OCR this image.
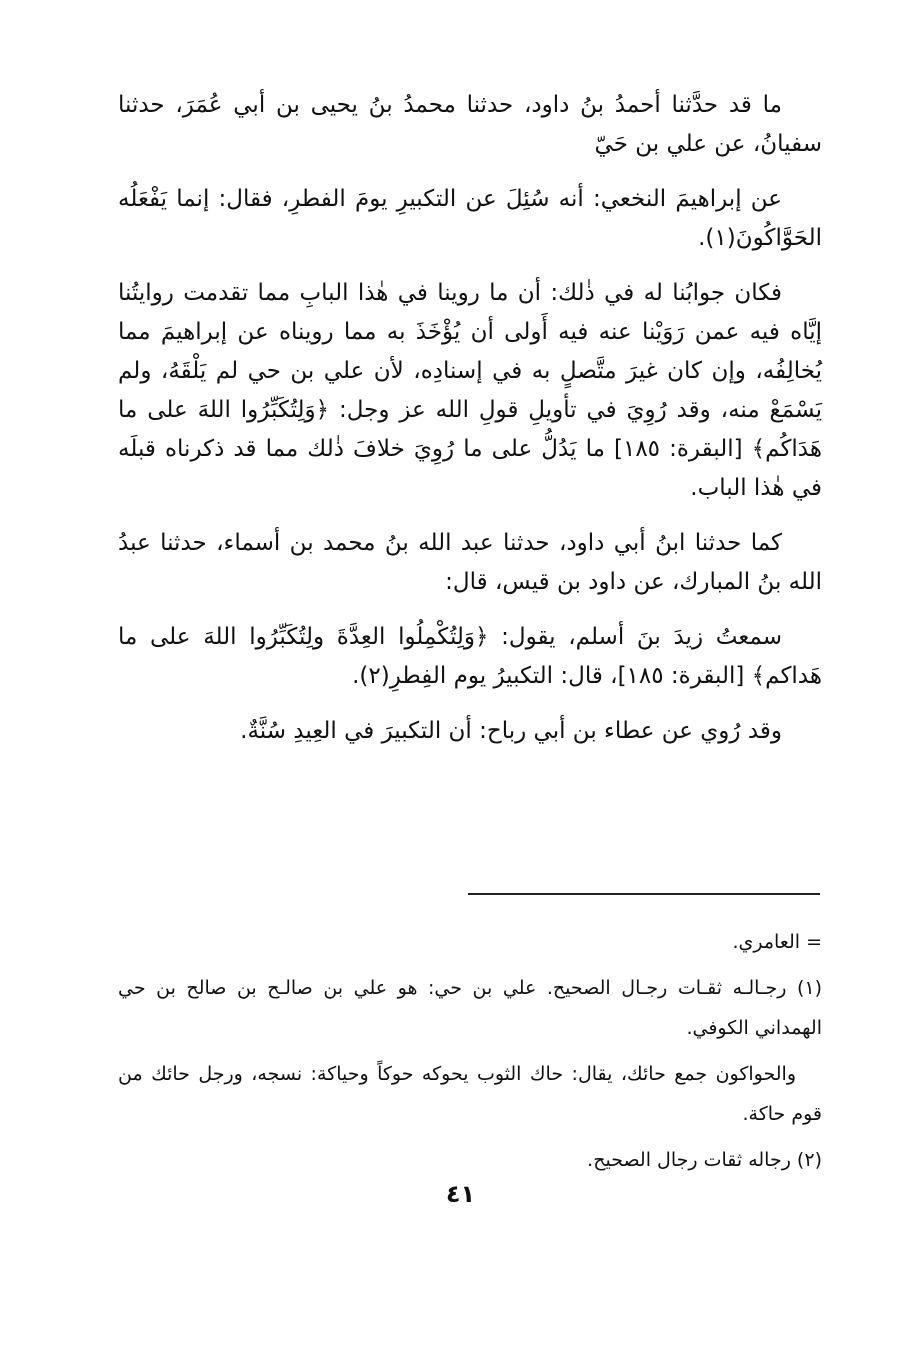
ما قد حدَّثنا أحمدُ بنُ داود، حدثنا محمدُ بنُ يحيى بن أبي عُمَرَ، حدثنا سفيانُ، عن علي بن حَيّ

عن إبراهيمَ النخعي: أنه سُئِلَ عن التكبيرِ يومَ الفطرِ، فقال: إنما يَفْعَلُه الحَوَّاكُونَ(١).

فكان جوابُنا له في ذٰلك: أن ما روينا في هٰذا البابِ مما تقدمت روايتُنا إيَّاه فيه عمن رَوَيْنا عنه فيه أَولى أن يُؤْخَذَ به مما رويناه عن إبراهيمَ مما يُخالِفُه، وإن كان غيرَ متَّصلٍ به في إسنادِه، لأن علي بن حي لم يَلْقَهُ، ولم يَسْمَعْ منه، وقد رُوِيَ في تأويلِ قولِ الله عز وجل: ﴿وَلِتُكَبِّرُوا اللهَ على ما هَدَاكُم﴾ [البقرة: ١٨٥] ما يَدُلُّ على ما رُوِيَ خلافَ ذٰلك مما قد ذكرناه قبلَه في هٰذا الباب.

كما حدثنا ابنُ أبي داود، حدثنا عبد الله بنُ محمد بن أسماء، حدثنا عبدُ الله بنُ المبارك، عن داود بن قيس، قال:

سمعتُ زيدَ بنَ أسلم، يقول: ﴿وَلِتُكْمِلُوا العِدَّةَ ولِتُكَبِّرُوا اللهَ على ما هَداكم﴾ [البقرة: ١٨٥]، قال: التكبيرُ يوم الفِطرِ(٢).

وقد رُوي عن عطاء بن أبي رباح: أن التكبيرَ في العِيدِ سُنَّةٌ.

= العامري.

(١) رجـالـه ثقـات رجـال الصحيح. علي بن حي: هو علي بن صالـح بن صالح بن حي الهمداني الكوفي.

والحواكون جمع حائك، يقال: حاك الثوب يحوكه حوكاً وحياكة: نسجه، ورجل حائك من قوم حاكة.

(٢) رجاله ثقات رجال الصحيح.

٤١
